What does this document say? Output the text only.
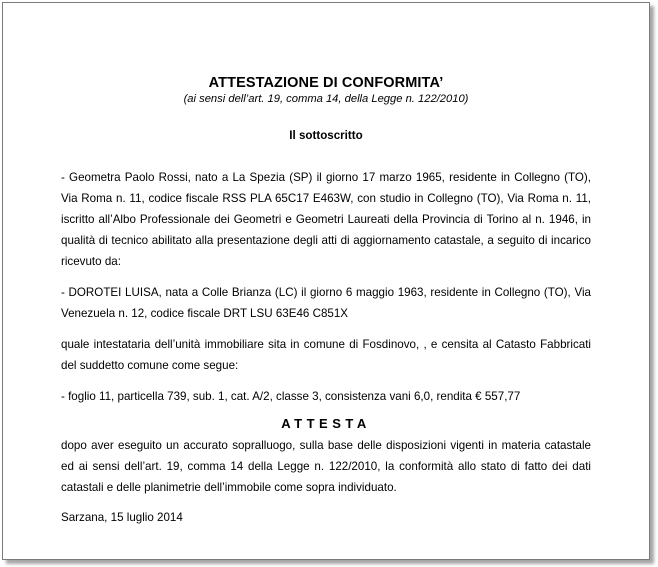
ATTESTAZIONE DI CONFORMITA’
(ai sensi dell’art. 19, comma 14, della Legge n. 122/2010)
Il sottoscritto

- Geometra Paolo Rossi, nato a La Spezia (SP) il giorno 17 marzo 1965, residente in Collegno (TO), Via Roma n. 11, codice fiscale RSS PLA 65C17 E463W, con studio in Collegno (TO), Via Roma n. 11, iscritto all’Albo Professionale dei Geometri e Geometri Laureati della Provincia di Torino al n. 1946, in qualità di tecnico abilitato alla presentazione degli atti di aggiornamento catastale, a seguito di incarico ricevuto da:

- DOROTEI LUISA, nata a Colle Brianza (LC) il giorno 6 maggio 1963, residente in Collegno (TO), Via Venezuela n. 12, codice fiscale DRT LSU 63E46 C851X

quale intestataria dell’unità immobiliare sita in comune di Fosdinovo, , e censita al Catasto Fabbricati del suddetto comune come segue:

- foglio 11, particella 739, sub. 1, cat. A/2, classe 3, consistenza vani 6,0, rendita € 557,77

ATTESTA

dopo aver eseguito un accurato sopralluogo, sulla base delle disposizioni vigenti in materia catastale ed ai sensi dell’art. 19, comma 14 della Legge n. 122/2010, la conformità allo stato di fatto dei dati catastali e delle planimetrie dell’immobile come sopra individuato.

Sarzana, 15 luglio 2014
